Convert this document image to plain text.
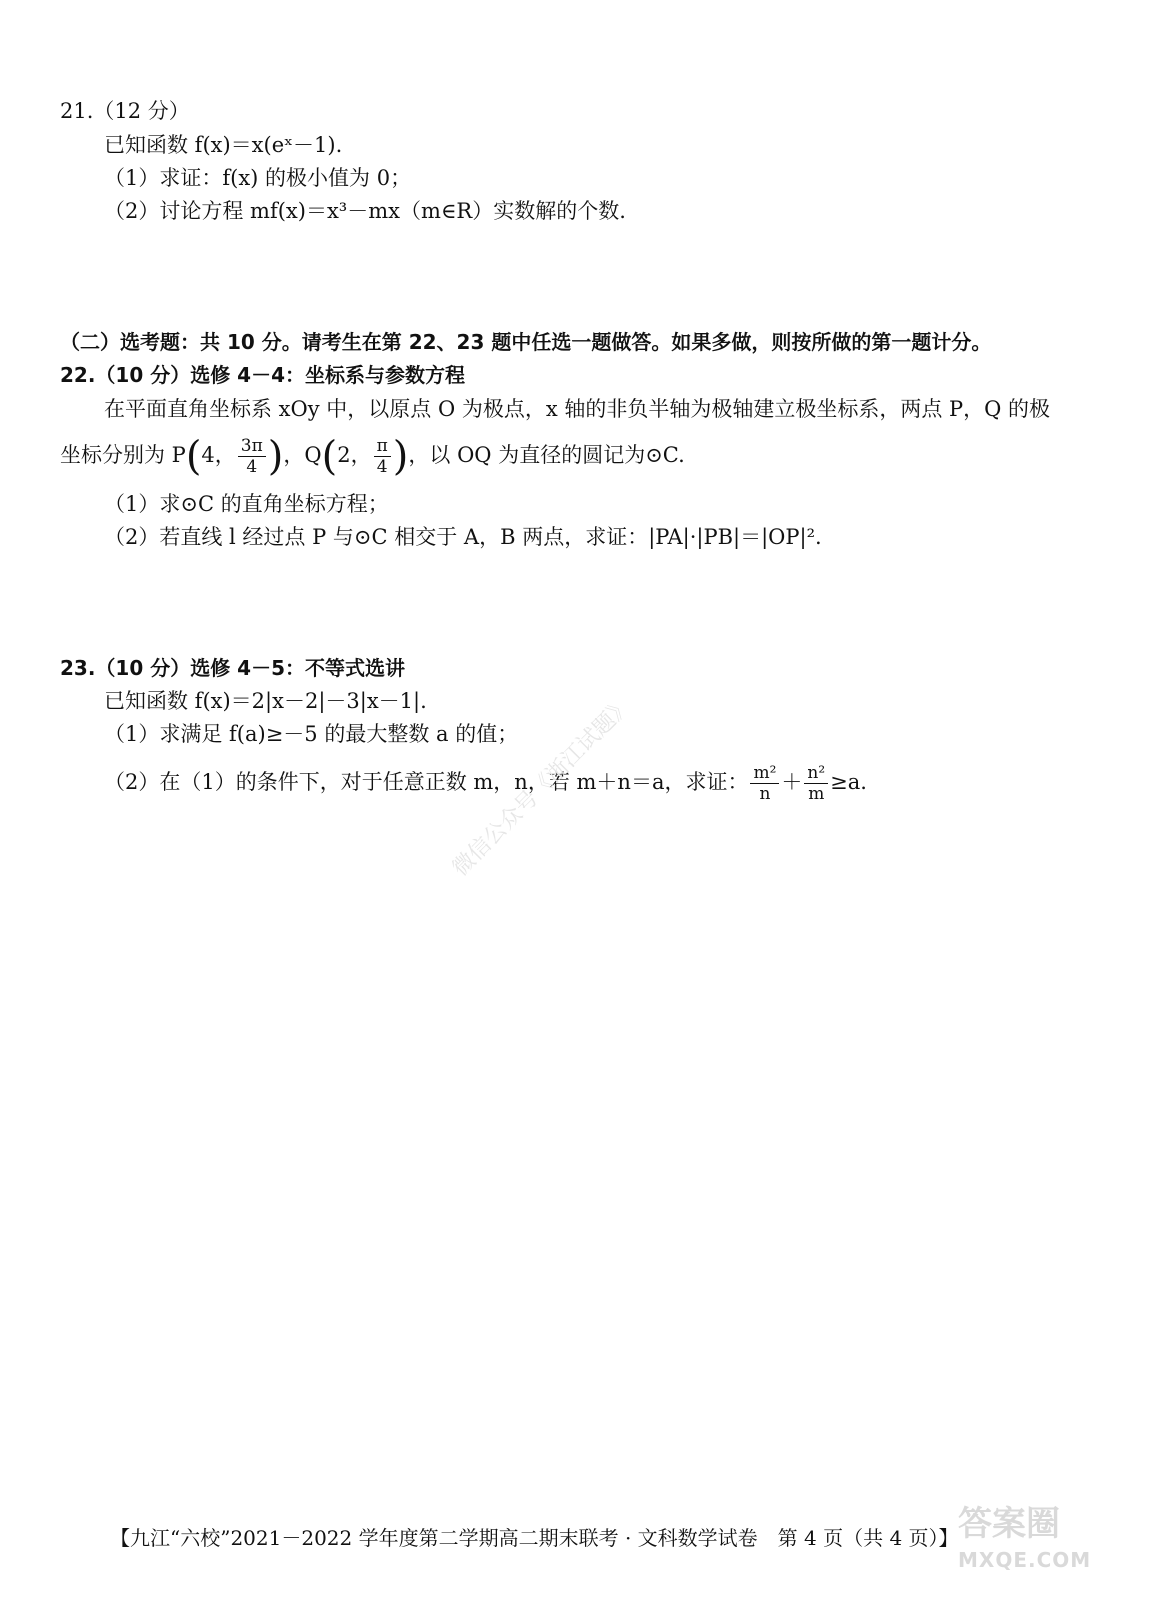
21.（12 分）
已知函数 f(x)＝x(eˣ－1).
（1）求证：f(x) 的极小值为 0；
（2）讨论方程 mf(x)＝x³－mx（m∈R）实数解的个数.
（二）选考题：共 10 分。请考生在第 22、23 题中任选一题做答。如果多做，则按所做的第一题计分。
22.（10 分）选修 4－4：坐标系与参数方程
在平面直角坐标系 xOy 中，以原点 O 为极点，x 轴的非负半轴为极轴建立极坐标系，两点 P，Q 的极
坐标分别为 P(4， $\frac{3\pi}{4}$ )，Q(2， $\frac{\pi}{4}$ )，以 OQ 为直径的圆记为⊙C.
（1）求⊙C 的直角坐标方程；
（2）若直线 l 经过点 P 与⊙C 相交于 A，B 两点，求证：|PA|·|PB|＝|OP|².
23.（10 分）选修 4－5：不等式选讲
已知函数 f(x)＝2|x－2|－3|x－1|.
（1）求满足 f(a)≥－5 的最大整数 a 的值；
（2）在（1）的条件下，对于任意正数 m，n，若 m＋n＝a，求证： $\frac{\text{m²}}{n} + \frac{\text{n²}}{m} \ge a$.
微信公众号《浙江试题》
【九江“六校”2021－2022 学年度第二学期高二期末联考 · 文科数学试卷　第 4 页（共 4 页）】 答案圈
MXQE.COM
